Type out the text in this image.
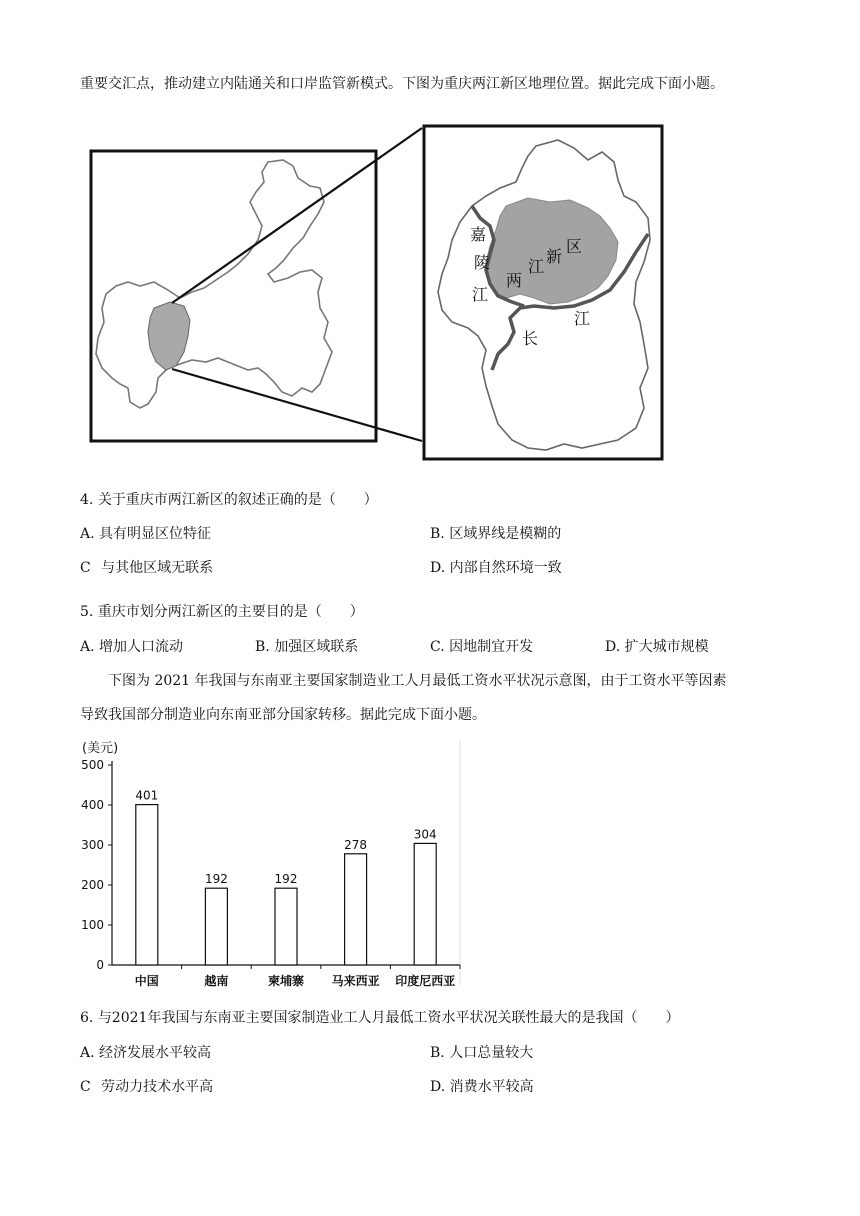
重要交汇点，推动建立内陆通关和口岸监管新模式。下图为重庆两江新区地理位置。据此完成下面小题。
嘉
陵
江
两
江
新
区
江
长
4. 关于重庆市两江新区的叙述正确的是（　　）
A. 具有明显区位特征	B. 区域界线是模糊的
C 与其他区域无联系	D. 内部自然环境一致
5. 重庆市划分两江新区的主要目的是（　　）
A. 增加人口流动	B. 加强区域联系	C. 因地制宜开发	D. 扩大城市规模
下图为 2021 年我国与东南亚主要国家制造业工人月最低工资水平状况示意图，由于工资水平等因素
导致我国部分制造业向东南亚部分国家转移。据此完成下面小题。
(美元)
0
100
200
300
400
500
401
中国
192
越南
192
柬埔寨
278
马来西亚
304
印度尼西亚
6. 与2021年我国与东南亚主要国家制造业工人月最低工资水平状况关联性最大的是我国（　　）
A. 经济发展水平较高	B. 人口总量较大
C 劳动力技术水平高	D. 消费水平较高
